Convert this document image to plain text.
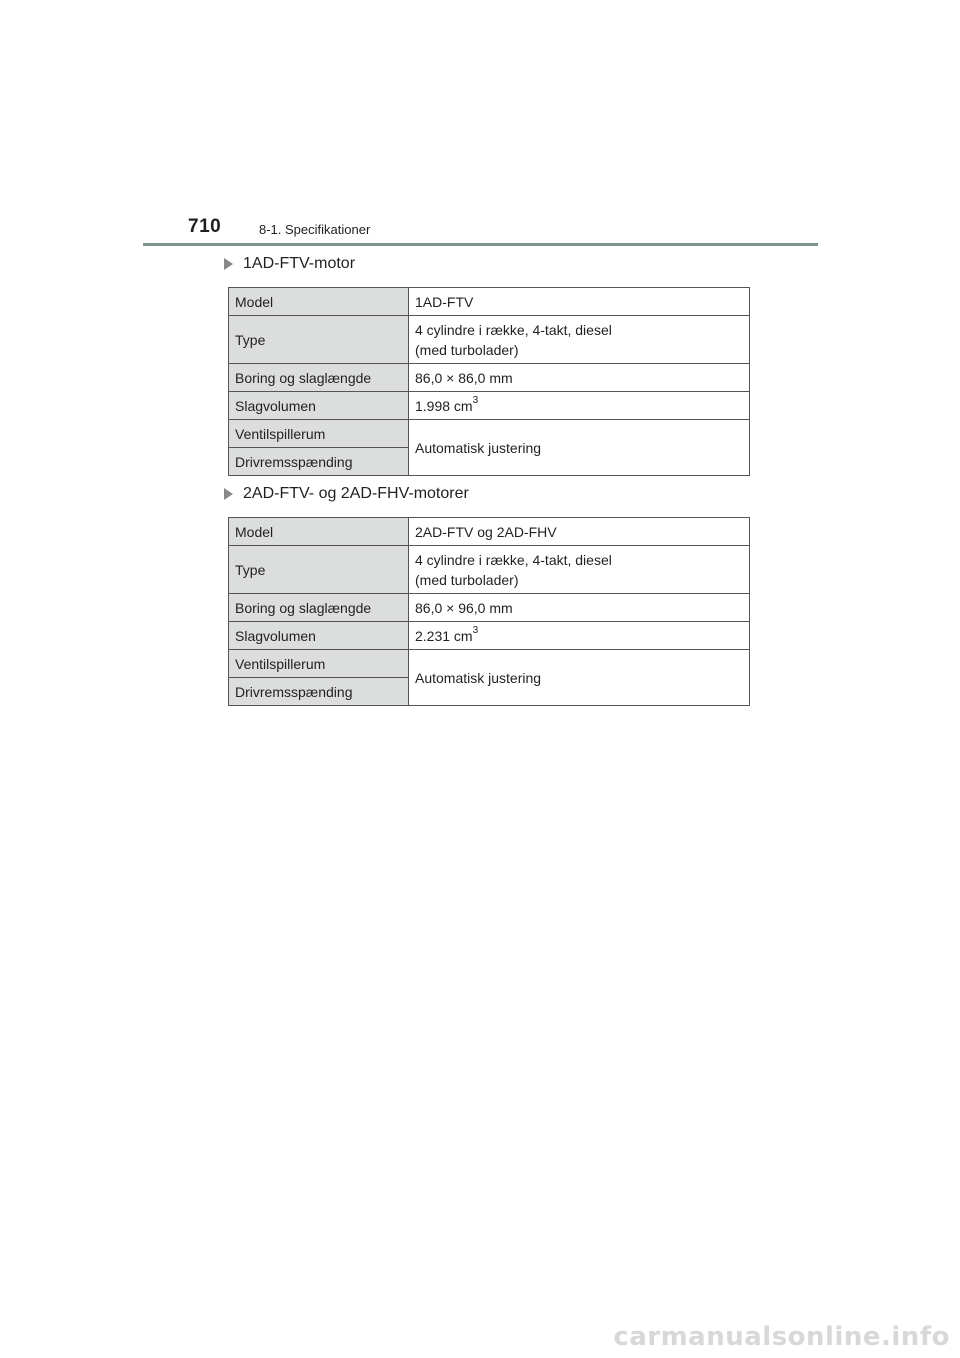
710	8-1. Specifikationer
1AD-FTV-motor
Model	1AD-FTV
Type	4 cylindre i række, 4-takt, diesel
(med turbolader)

Boring og slaglængde	86,0 × 86,0 mm
Slagvolumen	1.998 $cm^3$
Ventilspillerum	Automatisk justering
Drivremsspænding	
2AD-FTV- og 2AD-FHV-motorer
Model	2AD-FTV og 2AD-FHV
Type	4 cylindre i række, 4-takt, diesel
(med turbolader)

Boring og slaglængde	86,0 × 96,0 mm
Slagvolumen	2.231 $cm^3$
Ventilspillerum	Automatisk justering
Drivremsspænding	
carmanualsonline.info
